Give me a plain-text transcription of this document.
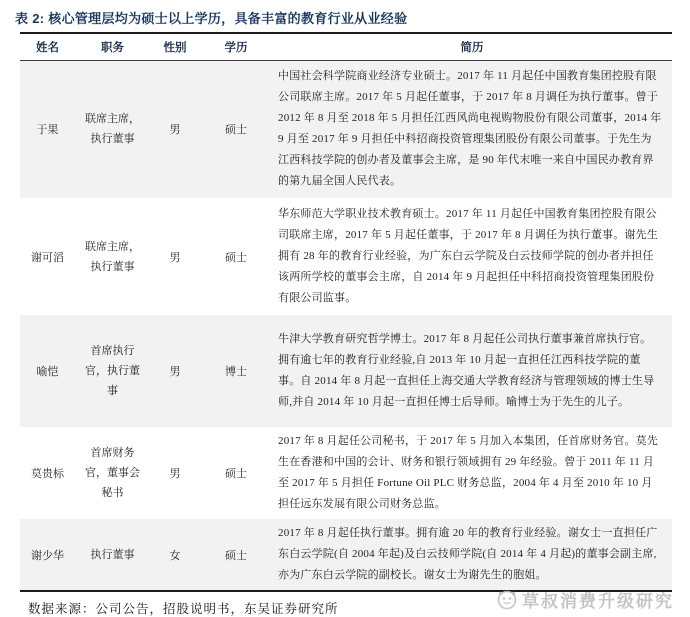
表 2: 核心管理层均为硕士以上学历，具备丰富的教育行业从业经验
姓名	职务	性别	学历	简历
于果	联席主席，执行董事	男	硕士	中国社会科学院商业经济专业硕士。2017 年 11 月起任中国教育集团控股有限公司联席主席。2017 年 5 月起任董事，于 2017 年 8 月调任为执行董事。曾于 2012 年 8 月至 2018 年 5 月担任江西风尚电视购物股份有限公司董事，2014 年 9 月至 2017 年 9 月担任中科招商投资管理集团股份有限公司董事。于先生为江西科技学院的创办者及董事会主席，是 90 年代末唯一来自中国民办教育界的第九届全国人民代表。
谢可滔	联席主席，执行董事	男	硕士	华东师范大学职业技术教育硕士。2017 年 11 月起任中国教育集团控股有限公司联席主席，2017 年 5 月起任董事，于 2017 年 8 月调任为执行董事。谢先生拥有 28 年的教育行业经验，为广东白云学院及白云技师学院的创办者并担任该两所学校的董事会主席，自 2014 年 9 月起担任中科招商投资管理集团股份有限公司监事。
喻恺	首席执行官，执行董事	男	博士	牛津大学教育研究哲学博士。2017 年 8 月起任公司执行董事兼首席执行官。拥有逾七年的教育行业经验,自 2013 年 10 月起一直担任江西科技学院的董事。自 2014 年 8 月起一直担任上海交通大学教育经济与管理领域的博士生导师,并自 2014 年 10 月起一直担任博士后导师。喻博士为于先生的儿子。
莫贵标	首席财务官，董事会秘书	男	硕士	2017 年 8 月起任公司秘书，于 2017 年 5 月加入本集团，任首席财务官。莫先生在香港和中国的会计、财务和银行领域拥有 29 年经验。曾于 2011 年 11 月至 2017 年 5 月担任 Fortune Oil PLC 财务总监，2004 年 4 月至 2010 年 10 月担任远东发展有限公司财务总监。
谢少华	执行董事	女	硕士	2017 年 8 月起任执行董事。拥有逾 20 年的教育行业经验。谢女士一直担任广东白云学院(自 2004 年起)及白云技师学院(自 2014 年 4 月起)的董事会副主席,亦为广东白云学院的副校长。谢女士为谢先生的胞姐。
数据来源：公司公告，招股说明书，东吴证券研究所	草叔消费升级研究
